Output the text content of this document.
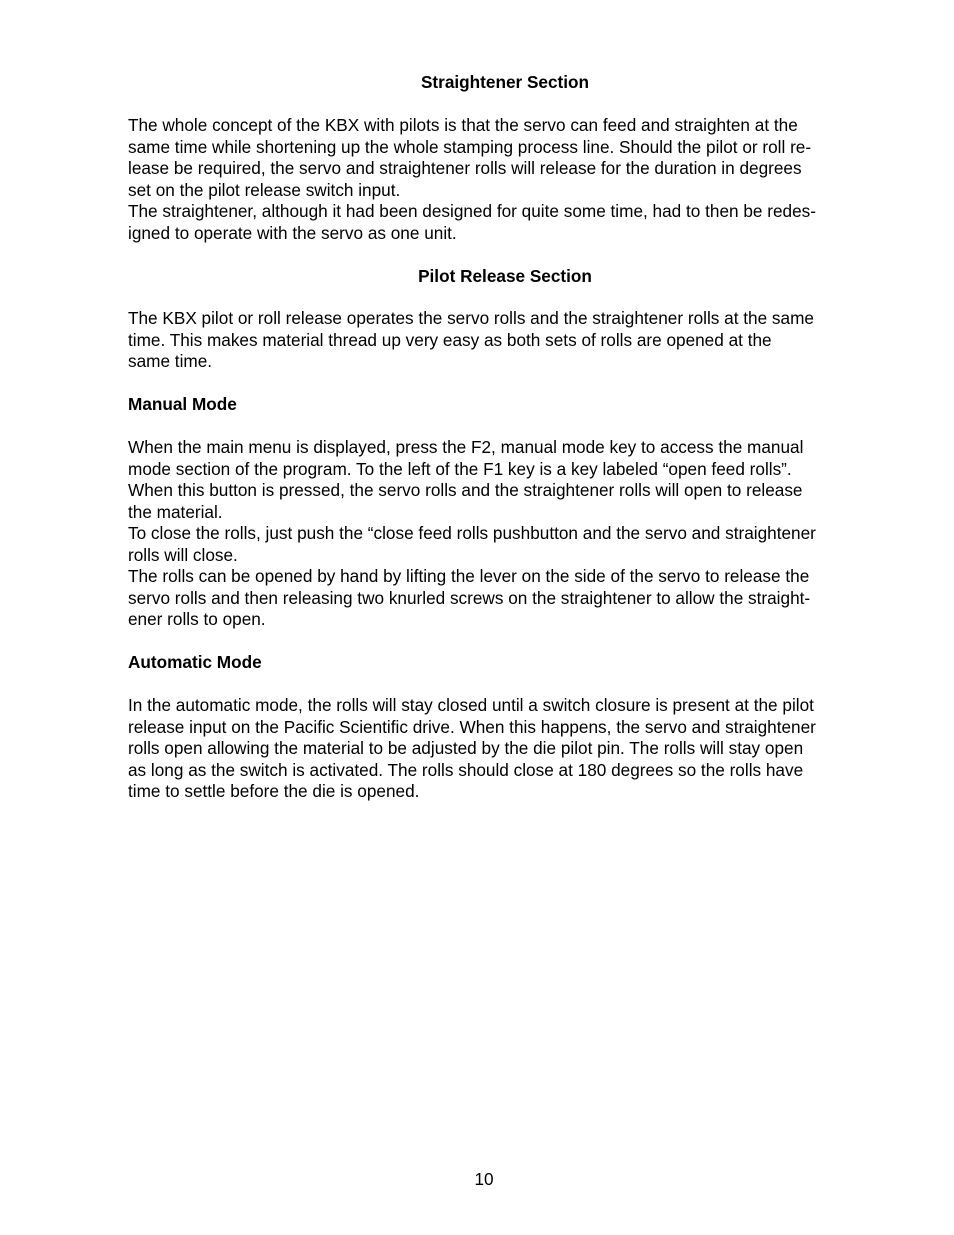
Straightener Section

The whole concept of the KBX with pilots is that the servo can feed and straighten at the
same time while shortening up the whole stamping process line. Should the pilot or roll re-
lease be required, the servo and straightener rolls will release for the duration in degrees
set on the pilot release switch input.
The straightener, although it had been designed for quite some time, had to then be redes-
igned to operate with the servo as one unit.

Pilot Release Section

The KBX pilot or roll release operates the servo rolls and the straightener rolls at the same
time. This makes material thread up very easy as both sets of rolls are opened at the
same time.

Manual Mode

When the main menu is displayed, press the F2, manual mode key to access the manual
mode section of the program. To the left of the F1 key is a key labeled “open feed rolls”.
When this button is pressed, the servo rolls and the straightener rolls will open to release
the material.
To close the rolls, just push the “close feed rolls pushbutton and the servo and straightener
rolls will close.
The rolls can be opened by hand by lifting the lever on the side of the servo to release the
servo rolls and then releasing two knurled screws on the straightener to allow the straight-
ener rolls to open.

Automatic Mode

In the automatic mode, the rolls will stay closed until a switch closure is present at the pilot
release input on the Pacific Scientific drive. When this happens, the servo and straightener
rolls open allowing the material to be adjusted by the die pilot pin. The rolls will stay open
as long as the switch is activated. The rolls should close at 180 degrees so the rolls have
time to settle before the die is opened.

10
